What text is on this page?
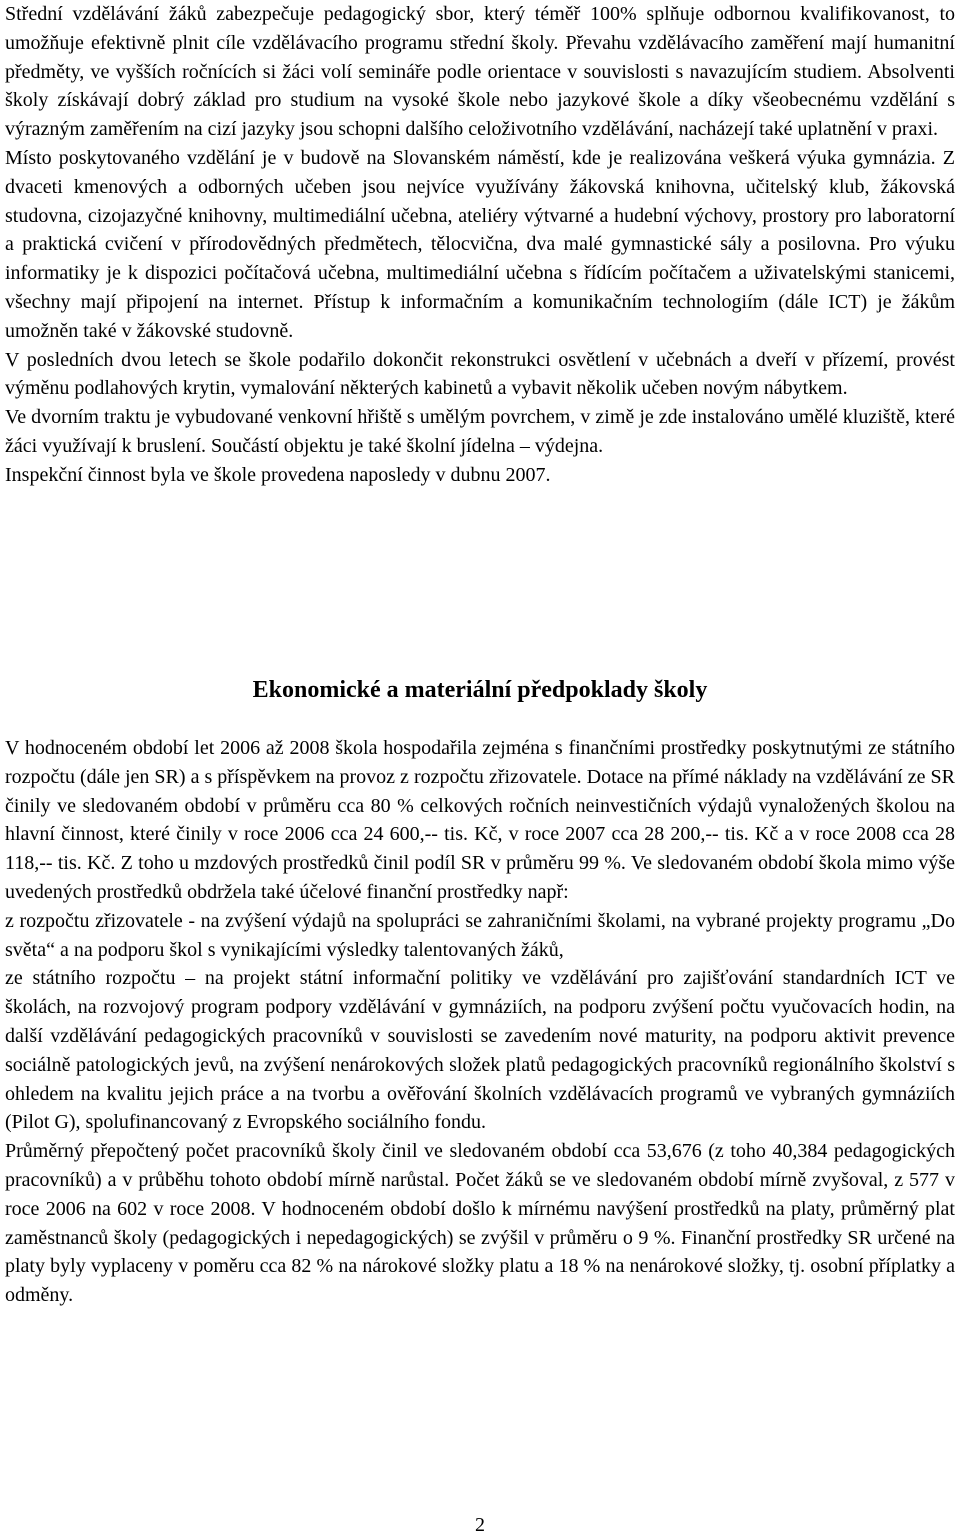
Střední vzdělávání žáků zabezpečuje pedagogický sbor, který téměř 100% splňuje odbornou kvalifikovanost, to umožňuje efektivně plnit cíle vzdělávacího programu střední školy. Převahu vzdělávacího zaměření mají humanitní předměty, ve vyšších ročnících si žáci volí semináře podle orientace v souvislosti s navazujícím studiem. Absolventi školy získávají dobrý základ pro studium na vysoké škole nebo jazykové škole a díky všeobecnému vzdělání s výrazným zaměřením na cizí jazyky jsou schopni dalšího celoživotního vzdělávání, nacházejí také uplatnění v praxi.

Místo poskytovaného vzdělání je v budově na Slovanském náměstí, kde je realizována veškerá výuka gymnázia. Z dvaceti kmenových a odborných učeben jsou nejvíce využívány žákovská knihovna, učitelský klub, žákovská studovna, cizojazyčné knihovny, multimediální učebna, ateliéry výtvarné a hudební výchovy, prostory pro laboratorní a praktická cvičení v přírodovědných předmětech, tělocvična, dva malé gymnastické sály a posilovna. Pro výuku informatiky je k dispozici počítačová učebna, multimediální učebna s řídícím počítačem a uživatelskými stanicemi, všechny mají připojení na internet. Přístup k informačním a komunikačním technologiím (dále ICT) je žákům umožněn také v žákovské studovně.

V posledních dvou letech se škole podařilo dokončit rekonstrukci osvětlení v učebnách a dveří v přízemí, provést výměnu podlahových krytin, vymalování některých kabinetů a vybavit několik učeben novým nábytkem.

Ve dvorním traktu je vybudované venkovní hřiště s umělým povrchem, v zimě je zde instalováno umělé kluziště, které žáci využívají k bruslení. Součástí objektu je také školní jídelna – výdejna.

Inspekční činnost byla ve škole provedena naposledy v dubnu 2007.

Ekonomické a materiální předpoklady školy

V hodnoceném období let 2006 až 2008 škola hospodařila zejména s finančními prostředky poskytnutými ze státního rozpočtu (dále jen SR) a s příspěvkem na provoz z rozpočtu zřizovatele. Dotace na přímé náklady na vzdělávání ze SR činily ve sledovaném období v průměru cca 80 % celkových ročních neinvestičních výdajů vynaložených školou na hlavní činnost, které činily v roce 2006 cca 24 600,-- tis. Kč, v roce 2007 cca 28 200,-- tis. Kč a v roce 2008 cca 28 118,-- tis. Kč. Z toho u mzdových prostředků činil podíl SR v průměru 99 %. Ve sledovaném období škola mimo výše uvedených prostředků obdržela také účelové finanční prostředky např:

z rozpočtu zřizovatele - na zvýšení výdajů na spolupráci se zahraničními školami, na vybrané projekty programu „Do světa“ a na podporu škol s vynikajícími výsledky talentovaných žáků,

ze státního rozpočtu – na projekt státní informační politiky ve vzdělávání pro zajišťování standardních ICT ve školách, na rozvojový program podpory vzdělávání v gymnáziích, na podporu zvýšení počtu vyučovacích hodin, na další vzdělávání pedagogických pracovníků v souvislosti se zavedením nové maturity, na podporu aktivit prevence sociálně patologických jevů, na zvýšení nenárokových složek platů pedagogických pracovníků regionálního školství s ohledem na kvalitu jejich práce a na tvorbu a ověřování školních vzdělávacích programů ve vybraných gymnáziích (Pilot G), spolufinancovaný z Evropského sociálního fondu.

Průměrný přepočtený počet pracovníků školy činil ve sledovaném období cca 53,676 (z toho 40,384 pedagogických pracovníků) a v průběhu tohoto období mírně narůstal. Počet žáků se ve sledovaném období mírně zvyšoval, z 577 v roce 2006 na 602 v roce 2008. V hodnoceném období došlo k mírnému navýšení prostředků na platy, průměrný plat zaměstnanců školy (pedagogických i nepedagogických) se zvýšil v průměru o 9 %. Finanční prostředky SR určené na platy byly vyplaceny v poměru cca 82 % na nárokové složky platu a 18 % na nenárokové složky, tj. osobní příplatky a odměny.

2
